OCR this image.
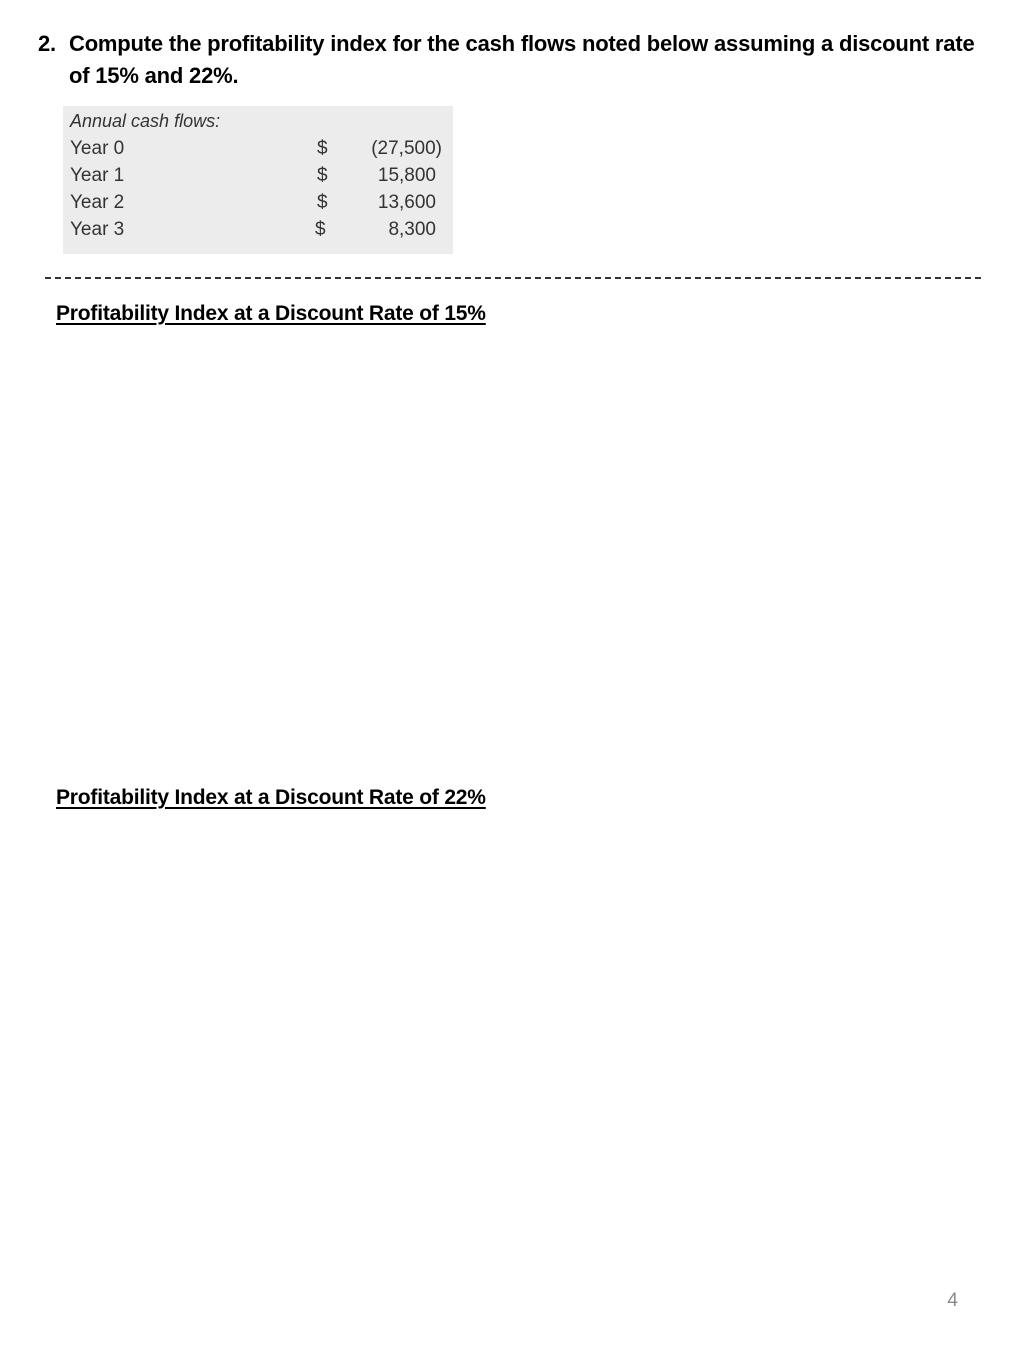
2. Compute the profitability index for the cash flows noted below assuming a discount rate of 15% and 22%.
Annual cash flows:
Year 0	$	(27,500)
Year 1	$	15,800
Year 2	$	13,600
Year 3	$	8,300
Profitability Index at a Discount Rate of 15%
Profitability Index at a Discount Rate of 22%
4
